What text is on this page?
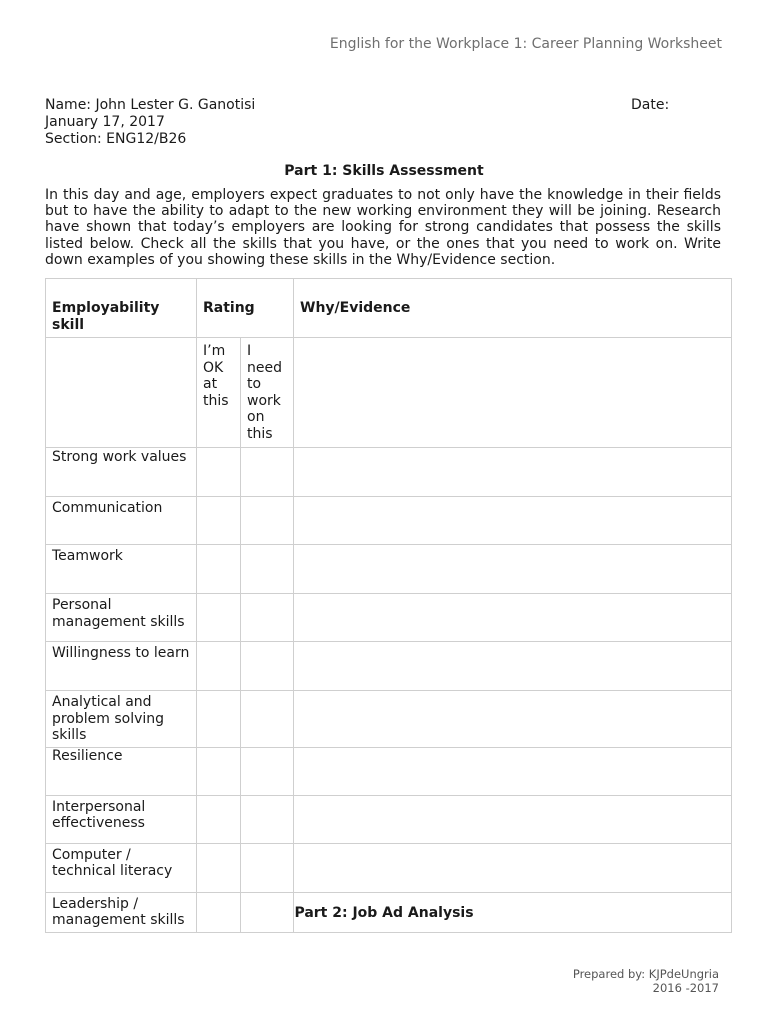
English for the Workplace 1: Career Planning Worksheet
Name: John Lester G. Ganotisi	Date:
January 17, 2017
Section: ENG12/B26
Part 1: Skills Assessment
In this day and age, employers expect graduates to not only have the knowledge in their fields but to have the ability to adapt to the new working environment they will be joining. Research have shown that today’s employers are looking for strong candidates that possess the skills listed below. Check all the skills that you have, or the ones that you need to work on. Write down examples of you showing these skills in the Why/Evidence section.
Employability skill	Rating		Why/Evidence
	I’m OK at this	I need to work on this	
Strong work values			
Communication			
Teamwork			
Personal management skills			
Willingness to learn			
Analytical and problem solving skills			
Resilience			
Interpersonal effectiveness			
Computer / technical literacy			
Leadership / management skills				Part 2: Job Ad Analysis
Prepared by: KJPdeUngria
2016 -2017
